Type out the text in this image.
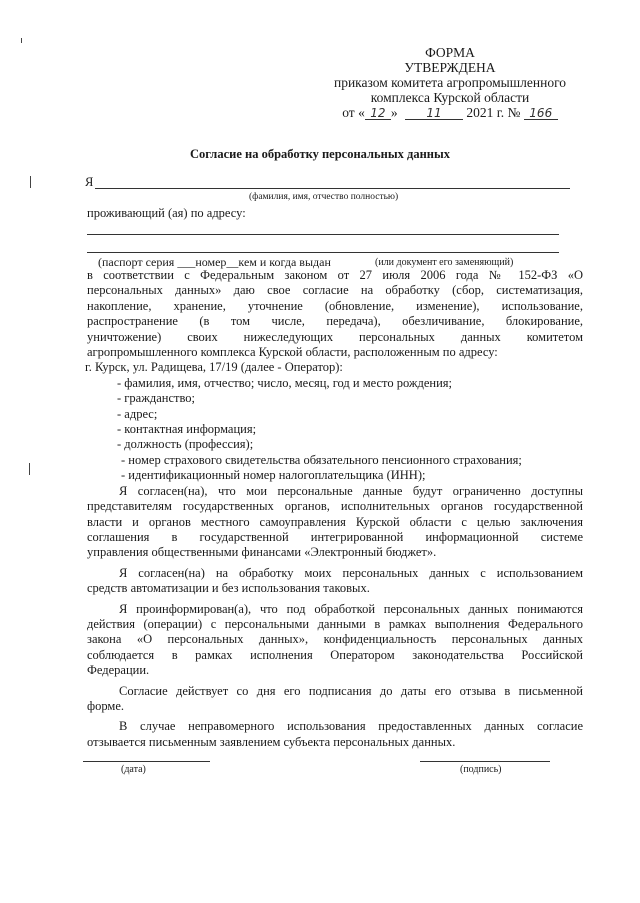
ФОРМА
УТВЕРЖДЕНА
приказом комитета агропромышленного
комплекса Курской области
от « 12 » 11 2021 г. № 166
Согласие на обработку персональных данных
Я
(фамилия, имя, отчество полностью)
проживающий (ая) по адресу:
(паспорт серия ___номер__кем и когда выдан	(или документ его заменяющий)

в соответствии с Федеральным законом от 27 июля 2006 года № 152-ФЗ «О

персональных данных» даю свое согласие на обработку (сбор, систематизация,

накопление, хранение, уточнение (обновление, изменение), использование,

распространение (в том числе, передача), обезличивание, блокирование,

уничтожение) своих нижеследующих персональных данных комитетом

агропромышленного комплекса Курской области, расположенным по адресу:

г. Курск, ул. Радищева, 17/19 (далее - Оператор):

- фамилия, имя, отчество; число, месяц, год и место рождения;

- гражданство;

- адрес;

- контактная информация;

- должность (профессия);

- номер страхового свидетельства обязательного пенсионного страхования;

- идентификационный номер налогоплательщика (ИНН);

Я согласен(на), что мои персональные данные будут ограниченно доступны

представителям государственных органов, исполнительных органов государственной

власти и органов местного самоуправления Курской области с целью заключения

соглашения в государственной интегрированной информационной системе

управления общественными финансами «Электронный бюджет».

Я согласен(на) на обработку моих персональных данных с использованием

средств автоматизации и без использования таковых.

Я проинформирован(а), что под обработкой персональных данных понимаются

действия (операции) с персональными данными в рамках выполнения Федерального

закона «О персональных данных», конфиденциальность персональных данных

соблюдается в рамках исполнения Оператором законодательства Российской

Федерации.

Согласие действует со дня его подписания до даты его отзыва в письменной

форме.

В случае неправомерного использования предоставленных данных согласие

отзывается письменным заявлением субъекта персональных данных.

(дата)	(подпись)
